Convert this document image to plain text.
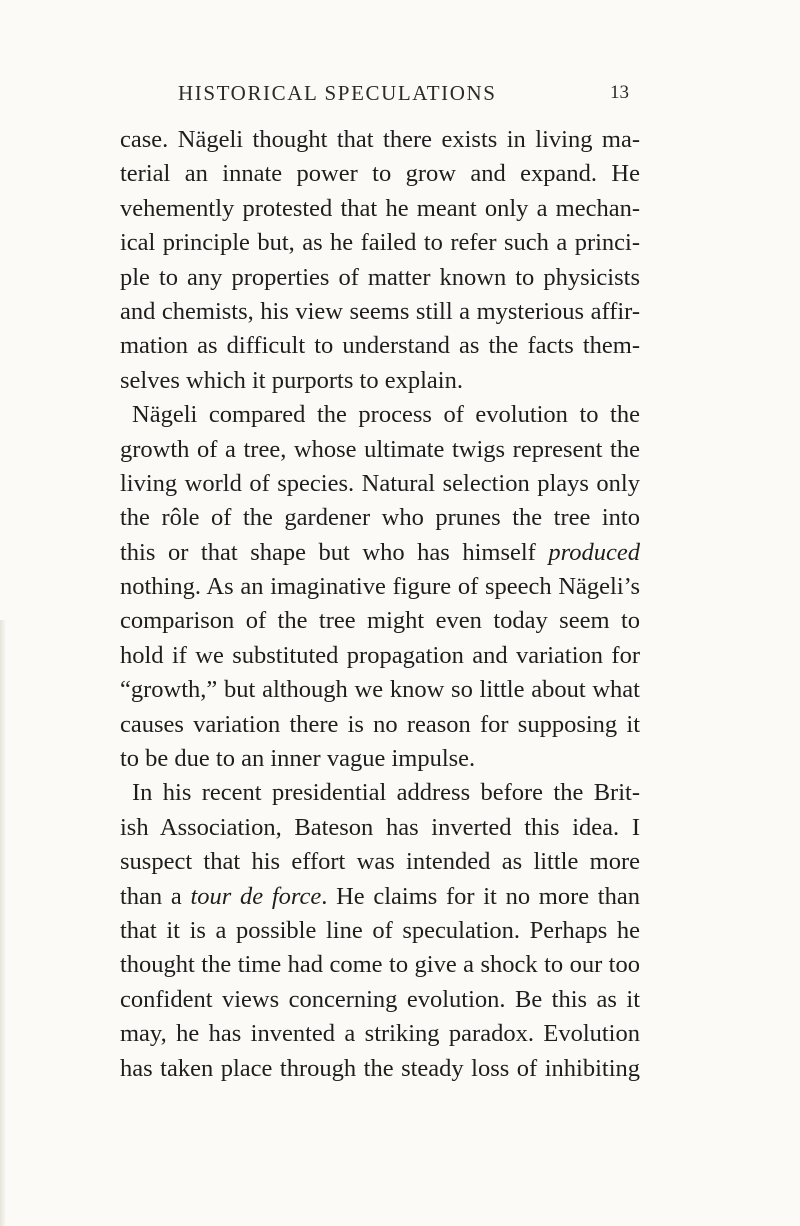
HISTORICAL SPECULATIONS	13
case. Nägeli thought that there exists in living ma-
terial an innate power to grow and expand. He
vehemently protested that he meant only a mechan-
ical principle but, as he failed to refer such a princi-
ple to any properties of matter known to physicists
and chemists, his view seems still a mysterious affir-
mation as difficult to understand as the facts them-
selves which it purports to explain.
Nägeli compared the process of evolution to the
growth of a tree, whose ultimate twigs represent the
living world of species. Natural selection plays only
the rôle of the gardener who prunes the tree into
this or that shape but who has himself produced
nothing. As an imaginative figure of speech Nägeli’s
comparison of the tree might even today seem to
hold if we substituted propagation and variation for
“growth,” but although we know so little about what
causes variation there is no reason for supposing it
to be due to an inner vague impulse.
In his recent presidential address before the Brit-
ish Association, Bateson has inverted this idea. I
suspect that his effort was intended as little more
than a tour de force. He claims for it no more than
that it is a possible line of speculation. Perhaps he
thought the time had come to give a shock to our too
confident views concerning evolution. Be this as it
may, he has invented a striking paradox. Evolution
has taken place through the steady loss of inhibiting
